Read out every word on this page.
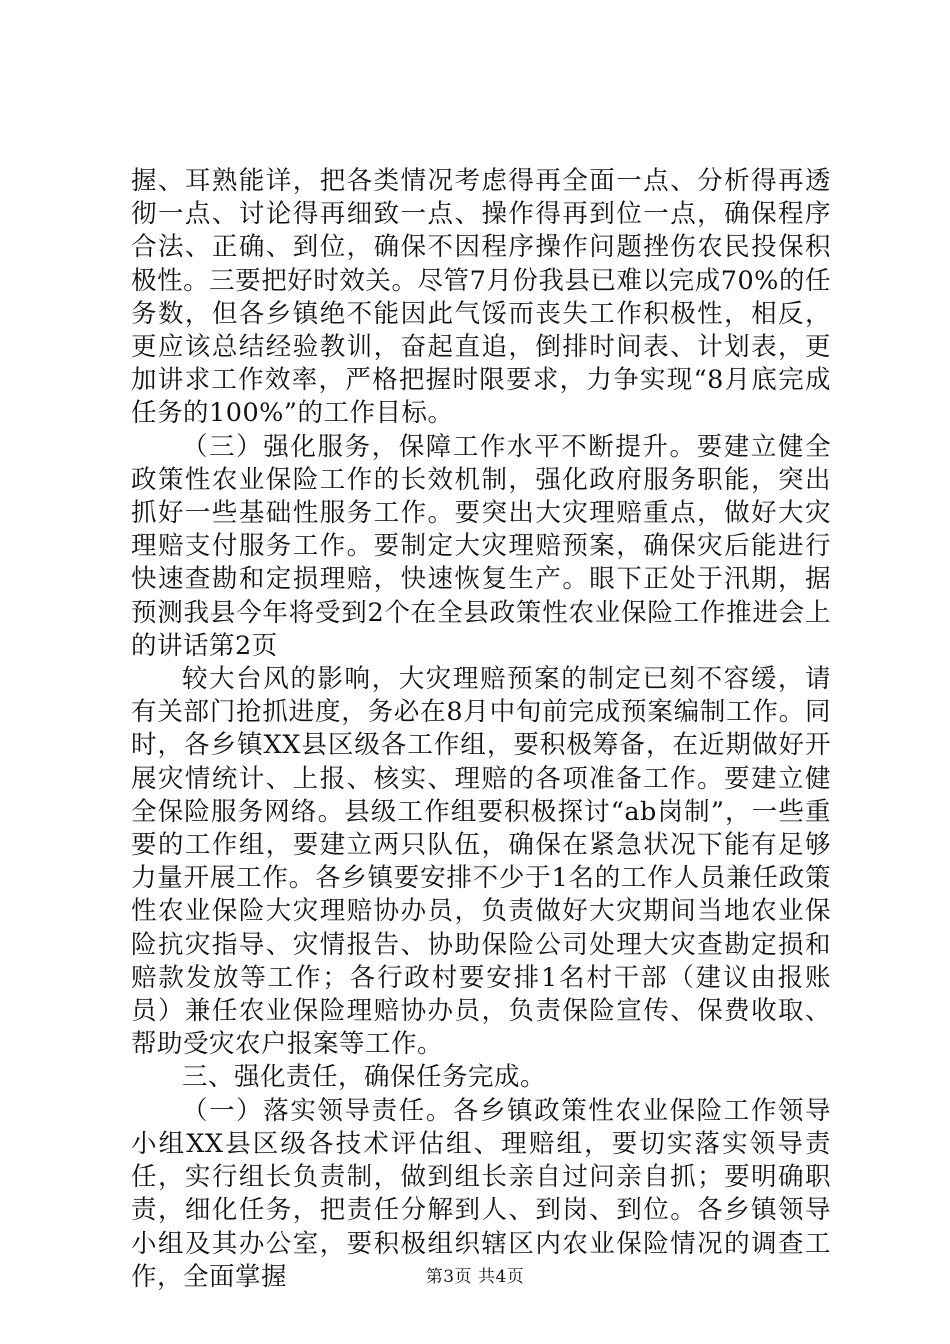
握、耳熟能详，把各类情况考虑得再全面一点、分析得再透彻一点、讨论得再细致一点、操作得再到位一点，确保程序合法、正确、到位，确保不因程序操作问题挫伤农民投保积极性。三要把好时效关。尽管7月份我县已难以完成70%的任务数，但各乡镇绝不能因此气馁而丧失工作积极性，相反，更应该总结经验教训，奋起直追，倒排时间表、计划表，更加讲求工作效率，严格把握时限要求，力争实现“8月底完成任务的100%”的工作目标。

（三）强化服务，保障工作水平不断提升。要建立健全政策性农业保险工作的长效机制，强化政府服务职能，突出抓好一些基础性服务工作。要突出大灾理赔重点，做好大灾理赔支付服务工作。要制定大灾理赔预案，确保灾后能进行快速查勘和定损理赔，快速恢复生产。眼下正处于汛期，据预测我县今年将受到2个在全县政策性农业保险工作推进会上的讲话第2页

较大台风的影响，大灾理赔预案的制定已刻不容缓，请有关部门抢抓进度，务必在8月中旬前完成预案编制工作。同时，各乡镇XX县区级各工作组，要积极筹备，在近期做好开展灾情统计、上报、核实、理赔的各项准备工作。要建立健全保险服务网络。县级工作组要积极探讨“ab岗制”，一些重要的工作组，要建立两只队伍，确保在紧急状况下能有足够力量开展工作。各乡镇要安排不少于1名的工作人员兼任政策性农业保险大灾理赔协办员，负责做好大灾期间当地农业保险抗灾指导、灾情报告、协助保险公司处理大灾查勘定损和赔款发放等工作；各行政村要安排1名村干部（建议由报账员）兼任农业保险理赔协办员，负责保险宣传、保费收取、帮助受灾农户报案等工作。

三、强化责任，确保任务完成。

（一）落实领导责任。各乡镇政策性农业保险工作领导小组XX县区级各技术评估组、理赔组，要切实落实领导责任，实行组长负责制，做到组长亲自过问亲自抓；要明确职责，细化任务，把责任分解到人、到岗、到位。各乡镇领导小组及其办公室，要积极组织辖区内农业保险情况的调查工作，全面掌握	第3页 共4页
